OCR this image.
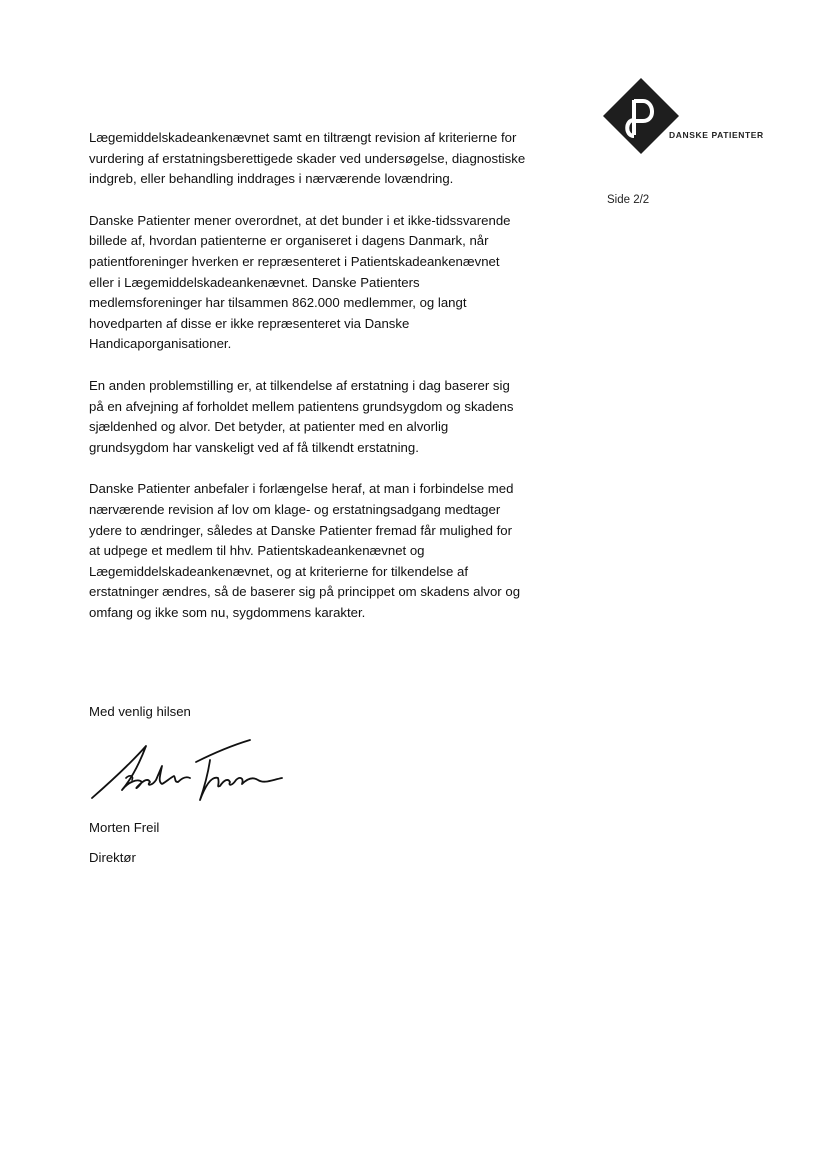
DANSKE PATIENTER
Side 2/2

Lægemiddelskadeankenævnet samt en tiltrængt revision af kriterierne for
vurdering af erstatningsberettigede skader ved undersøgelse, diagnostiske
indgreb, eller behandling inddrages i nærværende lovændring.

Danske Patienter mener overordnet, at det bunder i et ikke-tidssvarende
billede af, hvordan patienterne er organiseret i dagens Danmark, når
patientforeninger hverken er repræsenteret i Patientskadeankenævnet
eller i Lægemiddelskadeankenævnet. Danske Patienters
medlemsforeninger har tilsammen 862.000 medlemmer, og langt
hovedparten af disse er ikke repræsenteret via Danske
Handicaporganisationer.

En anden problemstilling er, at tilkendelse af erstatning i dag baserer sig
på en afvejning af forholdet mellem patientens grundsygdom og skadens
sjældenhed og alvor. Det betyder, at patienter med en alvorlig
grundsygdom har vanskeligt ved af få tilkendt erstatning.

Danske Patienter anbefaler i forlængelse heraf, at man i forbindelse med
nærværende revision af lov om klage- og erstatningsadgang medtager
ydere to ændringer, således at Danske Patienter fremad får mulighed for
at udpege et medlem til hhv. Patientskadeankenævnet og
Lægemiddelskadeankenævnet, og at kriterierne for tilkendelse af
erstatninger ændres, så de baserer sig på princippet om skadens alvor og
omfang og ikke som nu, sygdommens karakter.

Med venlig hilsen
Morten Freil
Direktør
